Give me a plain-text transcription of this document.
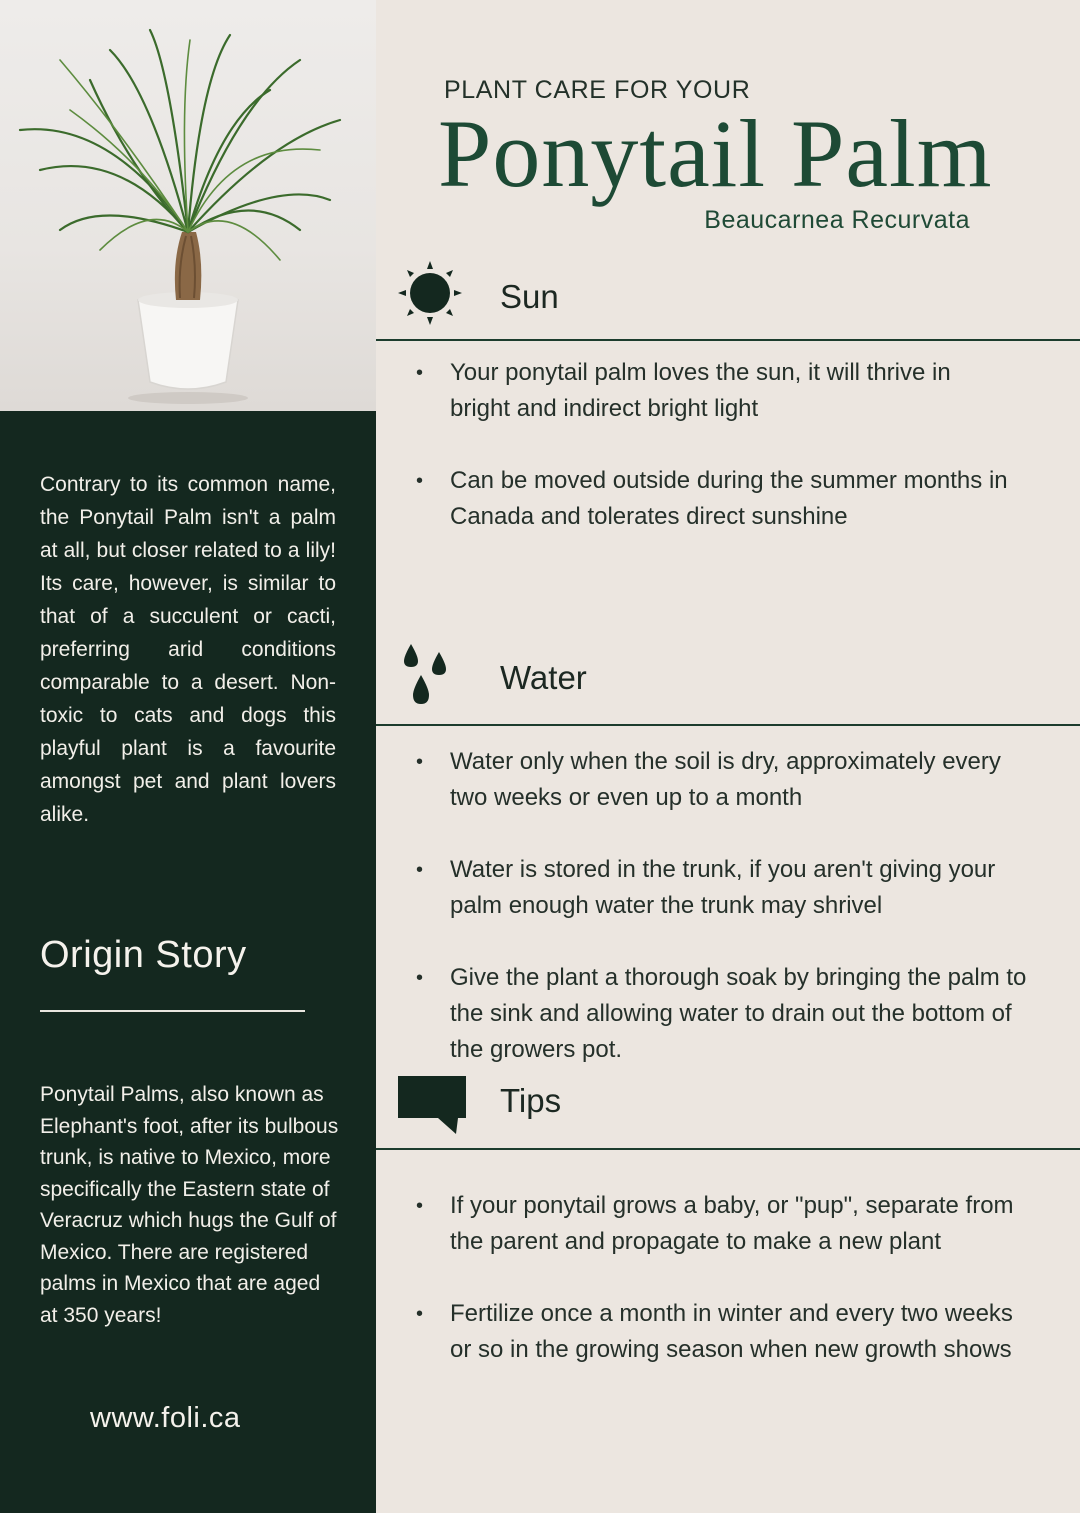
Contrary to its common name, the Ponytail Palm isn't a palm at all, but closer related to a lily! Its care, however, is similar to that of a succulent or cacti, preferring arid conditions comparable to a desert. Non-toxic to cats and dogs this playful plant is a favourite amongst pet and plant lovers alike.

Origin Story

Ponytail Palms, also known as Elephant's foot, after its bulbous trunk, is native to Mexico, more specifically the Eastern state of Veracruz which hugs the Gulf of Mexico. There are registered palms in Mexico that are aged at 350 years!

www.foli.ca

PLANT CARE FOR YOUR

Ponytail Palm

Beaucarnea Recurvata

Sun
• Your ponytail palm loves the sun, it will thrive in bright and indirect bright light
• Can be moved outside during the summer months in Canada and tolerates direct sunshine
Water
• Water only when the soil is dry, approximately every two weeks or even up to a month
• Water is stored in the trunk, if you aren't giving your palm enough water the trunk may shrivel
• Give the plant a thorough soak by bringing the palm to the sink and allowing water to drain out the bottom of the growers pot.
Tips
• If your ponytail grows a baby, or "pup", separate from the parent and propagate to make a new plant
• Fertilize once a month in winter and every two weeks or so in the growing season when new growth shows
